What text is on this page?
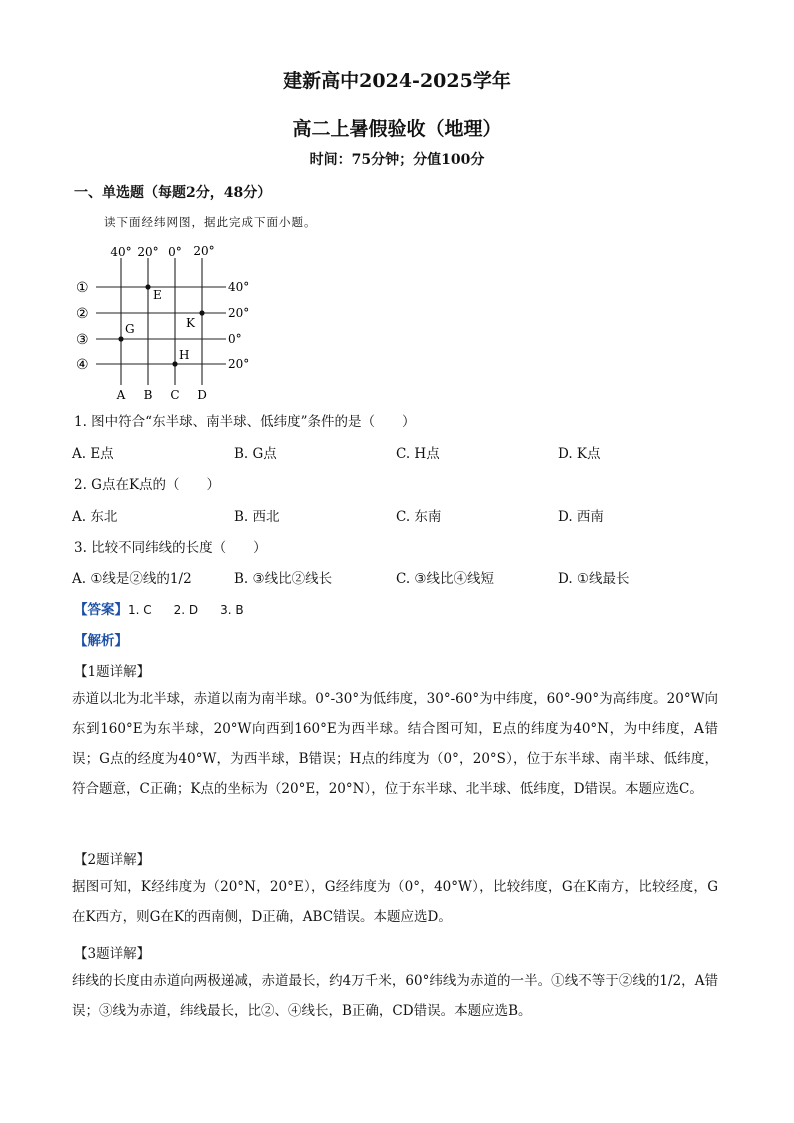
建新高中2024-2025学年
高二上暑假验收（地理）
时间：75分钟；分值100分
一、单选题（每题2分，48分）
读下面经纬网图，据此完成下面小题。
40° 20° 0° 20°
40°
20°
0°
20°
①
②
③
④
A B C D
E
K
G
H
1. 图中符合“东半球、南半球、低纬度”条件的是（　　）
A. E点	B. G点	C. H点	D. K点
2. G点在K点的（　　）
A. 东北	B. 西北	C. 东南	D. 西南
3. 比较不同纬线的长度（　　）
A. ①线是②线的1/2	B. ③线比②线长	C. ③线比④线短	D. ①线最长
【答案】1. C 2. D 3. B
【解析】
【1题详解】
赤道以北为北半球，赤道以南为南半球。0°-30°为低纬度，30°-60°为中纬度，60°-90°为高纬度。20°W向东到160°E为东半球，20°W向西到160°E为西半球。结合图可知，E点的纬度为40°N，为中纬度，A错误；G点的经度为40°W，为西半球，B错误；H点的纬度为（0°，20°S），位于东半球、南半球、低纬度，符合题意，C正确；K点的坐标为（20°E，20°N），位于东半球、北半球、低纬度，D错误。本题应选C。
【2题详解】
据图可知，K经纬度为（20°N，20°E），G经纬度为（0°，40°W），比较纬度，G在K南方，比较经度，G在K西方，则G在K的西南侧，D正确，ABC错误。本题应选D。
【3题详解】
纬线的长度由赤道向两极递减，赤道最长，约4万千米，60°纬线为赤道的一半。①线不等于②线的1/2，A错误；③线为赤道，纬线最长，比②、④线长，B正确，CD错误。本题应选B。
